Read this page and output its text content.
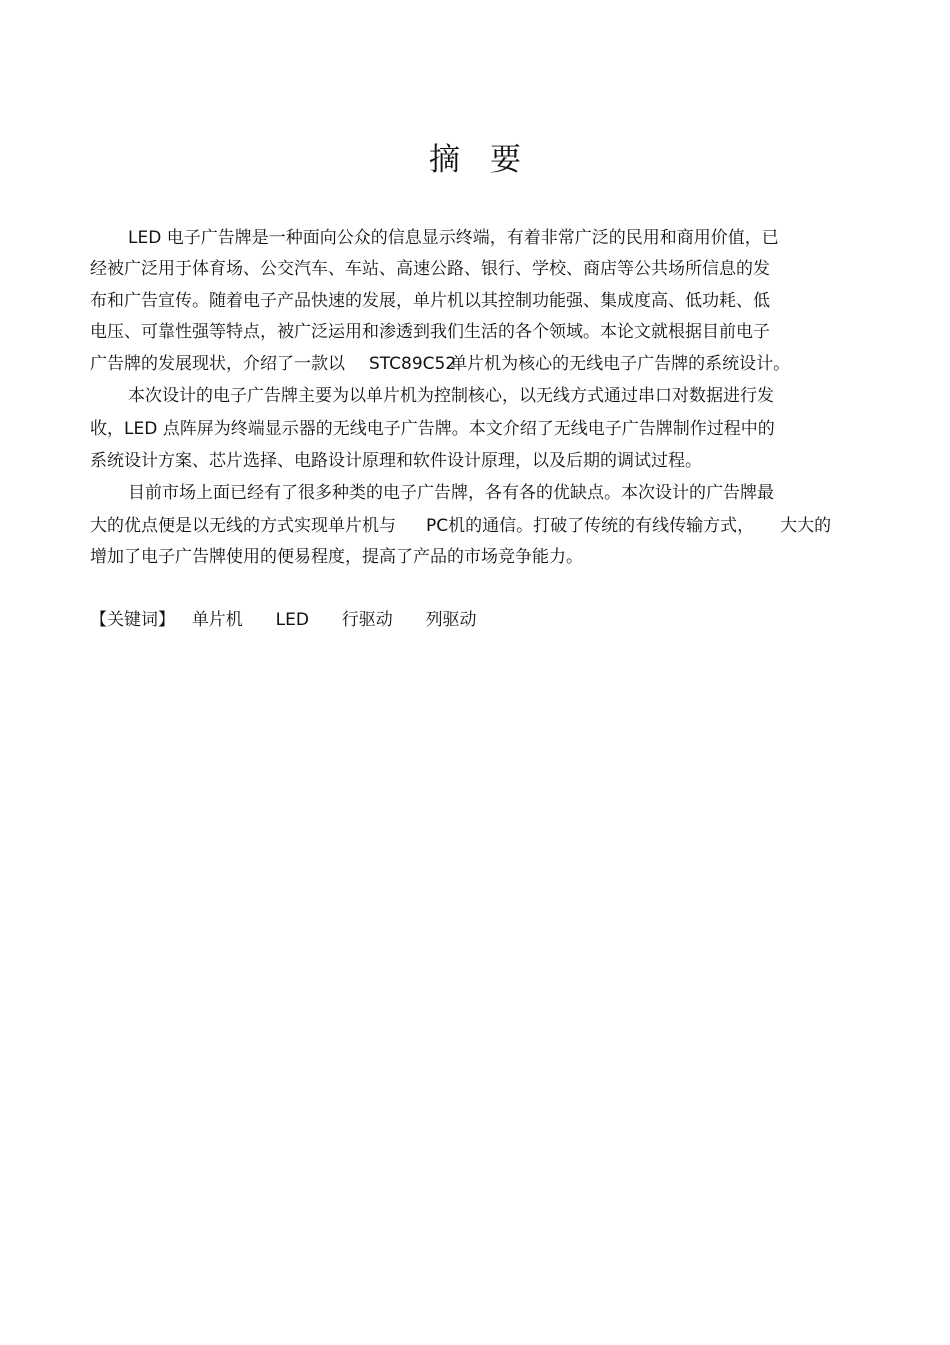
摘要
LED 电子广告牌是一种面向公众的信息显示终端，有着非常广泛的民用和商用价值，已
经被广泛用于体育场、公交汽车、车站、高速公路、银行、学校、商店等公共场所信息的发
布和广告宣传。随着电子产品快速的发展，单片机以其控制功能强、集成度高、低功耗、低
电压、可靠性强等特点，被广泛运用和渗透到我们生活的各个领域。本论文就根据目前电子
广告牌的发展现状，介绍了一款以 STC89C52单片机为核心的无线电子广告牌的系统设计。
本次设计的电子广告牌主要为以单片机为控制核心，以无线方式通过串口对数据进行发
收，LED 点阵屏为终端显示器的无线电子广告牌。本文介绍了无线电子广告牌制作过程中的
系统设计方案、芯片选择、电路设计原理和软件设计原理，以及后期的调试过程。
目前市场上面已经有了很多种类的电子广告牌，各有各的优缺点。本次设计的广告牌最
大的优点便是以无线的方式实现单片机与 PC机的通信。打破了传统的有线传输方式， 大大的
增加了电子广告牌使用的便易程度，提高了产品的市场竞争能力。
【关键词】 单片机 LED 行驱动 列驱动
